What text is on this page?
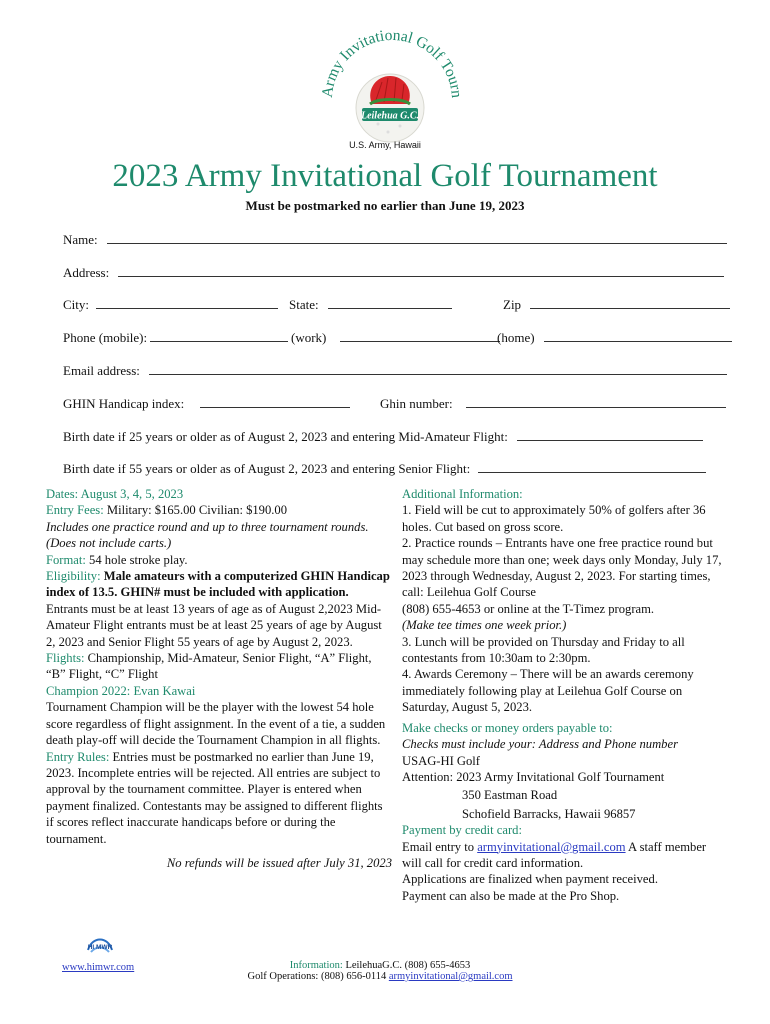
Army Invitational Golf Tourn
Leilehua G.C.
U.S. Army, Hawaii
2023 Army Invitational Golf Tournament
Must be postmarked no earlier than June 19, 2023
Name:
Address:
City:	State:	Zip
Phone (mobile):	(work)	(home)
Email address:
GHIN Handicap index:	Ghin number:
Birth date if 25 years or older as of August 2, 2023 and entering Mid-Amateur Flight:
Birth date if 55 years or older as of August 2, 2023 and entering Senior Flight:

Dates: August 3, 4, 5, 2023

Entry Fees: Military: $165.00 Civilian: $190.00

Includes one practice round and up to three tournament rounds. (Does not include carts.)

Format: 54 hole stroke play.

Eligibility: Male amateurs with a computerized GHIN Handicap index of 13.5. GHIN# must be included with application.

Entrants must be at least 13 years of age as of August 2,2023 Mid-Amateur Flight entrants must be at least 25 years of age by August 2, 2023 and Senior Flight 55 years of age by August 2, 2023.

Flights: Championship, Mid-Amateur, Senior Flight, “A” Flight, “B” Flight, “C” Flight

Champion 2022: Evan Kawai

Tournament Champion will be the player with the lowest 54 hole score regardless of flight assignment. In the event of a tie, a sudden death play-off will decide the Tournament Champion in all flights.

Entry Rules: Entries must be postmarked no earlier than June 19, 2023. Incomplete entries will be rejected. All entries are subject to approval by the tournament committee. Player is entered when payment finalized. Contestants may be assigned to different flights if scores reflect inaccurate handicaps before or during the tournament.

No refunds will be issued after July 31, 2023

Additional Information:

1. Field will be cut to approximately 50% of golfers after 36 holes. Cut based on gross score.

2. Practice rounds – Entrants have one free practice round but may schedule more than one; week days only Monday, July 17, 2023 through Wednesday, August 2, 2023. For starting times, call: Leilehua Golf Course

(808) 655-4653 or online at the T-Timez program.

(Make tee times one week prior.)

3. Lunch will be provided on Thursday and Friday to all contestants from 10:30am to 2:30pm.

4. Awards Ceremony – There will be an awards ceremony immediately following play at Leilehua Golf Course on Saturday, August 5, 2023.

Make checks or money orders payable to:

Checks must include your: Address and Phone number

USAG-HI Golf

Attention: 2023 Army Invitational Golf Tournament

350 Eastman Road

Schofield Barracks, Hawaii 96857

Payment by credit card:

Email entry to armyinvitational@gmail.com A staff member will call for credit card information.

Applications are finalized when payment received.

Payment can also be made at the Pro Shop.

HI MWR
www.himwr.com	Information: LeilehuaG.C. (808) 655-4653
Golf Operations: (808) 656-0114 armyinvitational@gmail.com
